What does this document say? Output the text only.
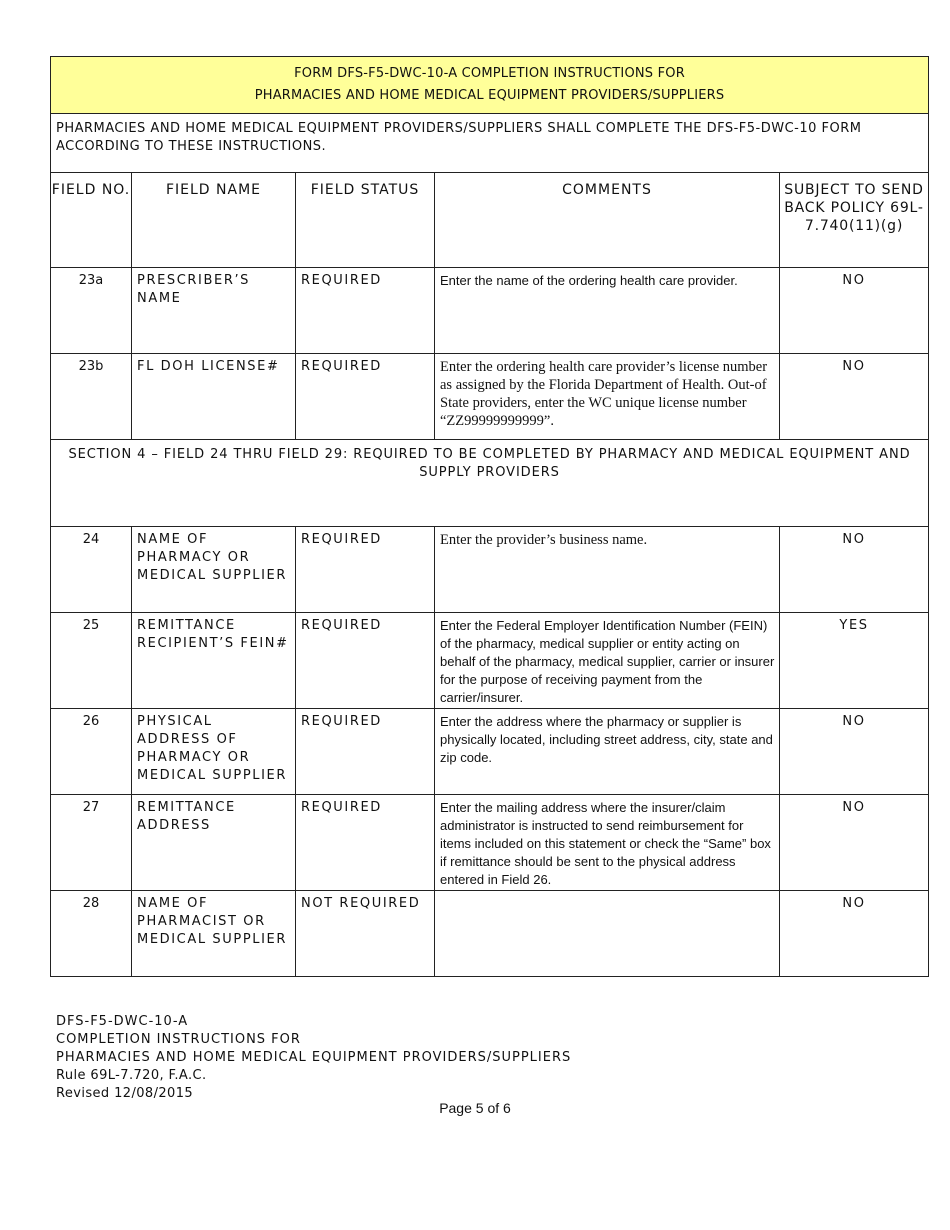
FORM DFS-F5-DWC-10-A COMPLETION INSTRUCTIONS FOR
PHARMACIES AND HOME MEDICAL EQUIPMENT PROVIDERS/SUPPLIERS				

PHARMACIES AND HOME MEDICAL EQUIPMENT PROVIDERS/SUPPLIERS SHALL COMPLETE THE DFS-F5-DWC-10 FORM ACCORDING TO THESE INSTRUCTIONS.				
FIELD NO.	FIELD NAME	FIELD STATUS	COMMENTS	SUBJECT TO SEND BACK POLICY 69L-7.740(11)(g)
23a	PRESCRIBER’S NAME	REQUIRED	Enter the name of the ordering health care provider.	NO
23b	FL DOH LICENSE#	REQUIRED	Enter the ordering health care provider’s license number as assigned by the Florida Department of Health. Out-of State providers, enter the WC unique license number “ZZ99999999999”.	NO
SECTION 4 – FIELD 24 THRU FIELD 29: REQUIRED TO BE COMPLETED BY PHARMACY AND MEDICAL EQUIPMENT AND SUPPLY PROVIDERS				
24	NAME OF PHARMACY OR MEDICAL SUPPLIER	REQUIRED	Enter the provider’s business name.	NO
25	REMITTANCE RECIPIENT’S FEIN#	REQUIRED	Enter the Federal Employer Identification Number (FEIN) of the pharmacy, medical supplier or entity acting on behalf of the pharmacy, medical supplier, carrier or insurer for the purpose of receiving payment from the carrier/insurer.	YES
26	PHYSICAL ADDRESS OF PHARMACY OR MEDICAL SUPPLIER	REQUIRED	Enter the address where the pharmacy or supplier is physically located, including street address, city, state and zip code.	NO
27	REMITTANCE ADDRESS	REQUIRED	Enter the mailing address where the insurer/claim administrator is instructed to send reimbursement for items included on this statement or check the “Same” box if remittance should be sent to the physical address entered in Field 26.	NO
28	NAME OF PHARMACIST OR MEDICAL SUPPLIER	NOT REQUIRED		NO
DFS-F5-DWC-10-A
COMPLETION INSTRUCTIONS FOR
PHARMACIES AND HOME MEDICAL EQUIPMENT PROVIDERS/SUPPLIERS
Rule 69L-7.720, F.A.C.
Revised 12/08/2015
Page 5 of 6
